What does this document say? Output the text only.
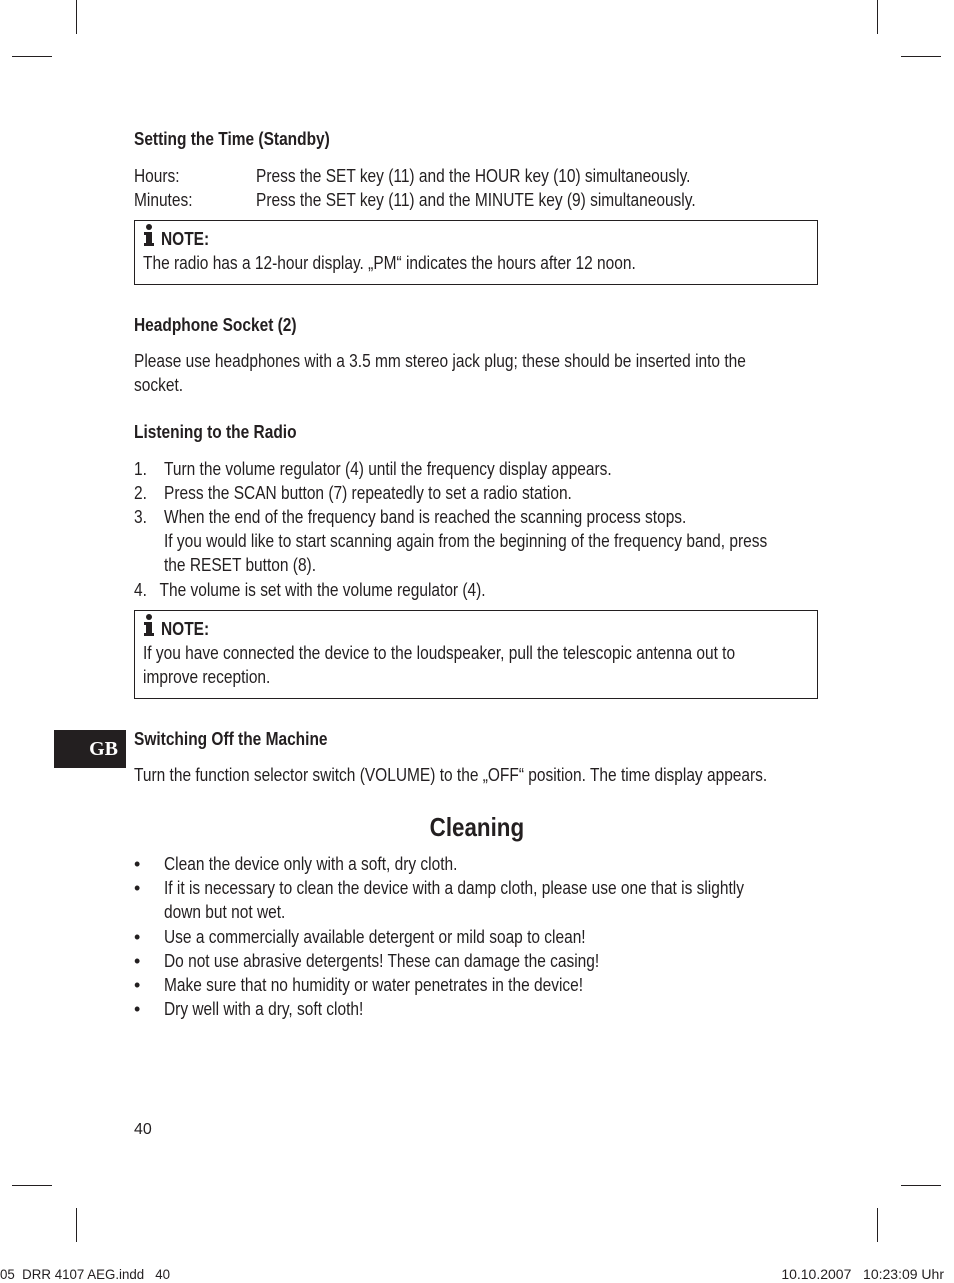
Setting the Time (Standby)
Hours:	Press the SET key (11) and the HOUR key (10) simultaneously.
Minutes:	Press the SET key (11) and the MINUTE key (9) simultaneously.
NOTE:
The radio has a 12-hour display. „PM“ indicates the hours after 12 noon.
Headphone Socket (2)
Please use headphones with a 3.5 mm stereo jack plug; these should be inserted into the
socket.
Listening to the Radio
1. Turn the volume regulator (4) until the frequency display appears.
2. Press the SCAN button (7) repeatedly to set a radio station.
3. When the end of the frequency band is reached the scanning process stops.
If you would like to start scanning again from the beginning of the frequency band, press
the RESET button (8).
4.   The volume is set with the volume regulator (4).
NOTE:
If you have connected the device to the loudspeaker, pull the telescopic antenna out to
improve reception.
GB Switching Off the Machine
Turn the function selector switch (VOLUME) to the „OFF“ position. The time display appears.
Cleaning
• Clean the device only with a soft, dry cloth.
• If it is necessary to clean the device with a damp cloth, please use one that is slightly
down but not wet.
• Use a commercially available detergent or mild soap to clean!
• Do not use abrasive detergents! These can damage the casing!
• Make sure that no humidity or water penetrates in the device!
• Dry well with a dry, soft cloth!
40
05  DRR 4107 AEG.indd   40	10.10.2007   10:23:09 Uhr
